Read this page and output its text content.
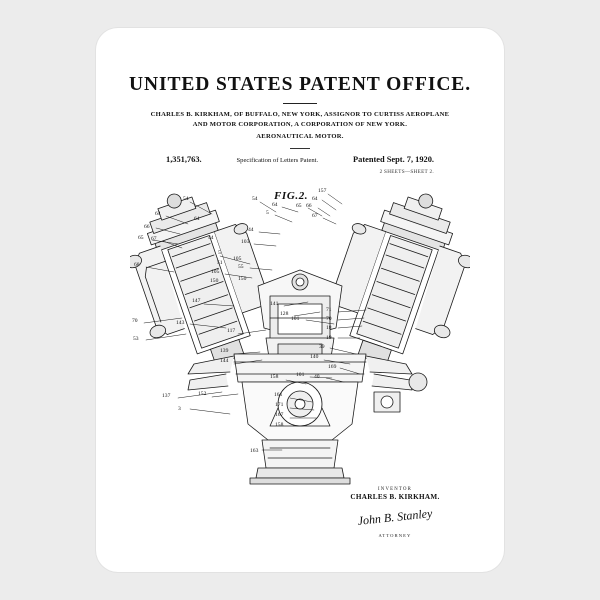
UNITED STATES PATENT OFFICE.
CHARLES B. KIRKHAM, OF BUFFALO, NEW YORK, ASSIGNOR TO CURTISS AEROPLANE AND MOTOR CORPORATION, A CORPORATION OF NEW YORK.
AERONAUTICAL MOTOR.
1,351,763.	Specification of Letters Patent.	Patented Sept. 7, 1920.
2 SHEETS—SHEET 2.
FIG.2.
54
64
66
65 67
64
44
5
51
105
150
68
147
143
70
53
117
139
144
137	152
3
163
158
161
171
167
158
101 40
140
169
39
101
19
18
70
71
128
141
55
150
105
103
44
5
64	65 66
67
157
64
54
INVENTOR
CHARLES B. KIRKHAM.
John B. Stanley
ATTORNEY
